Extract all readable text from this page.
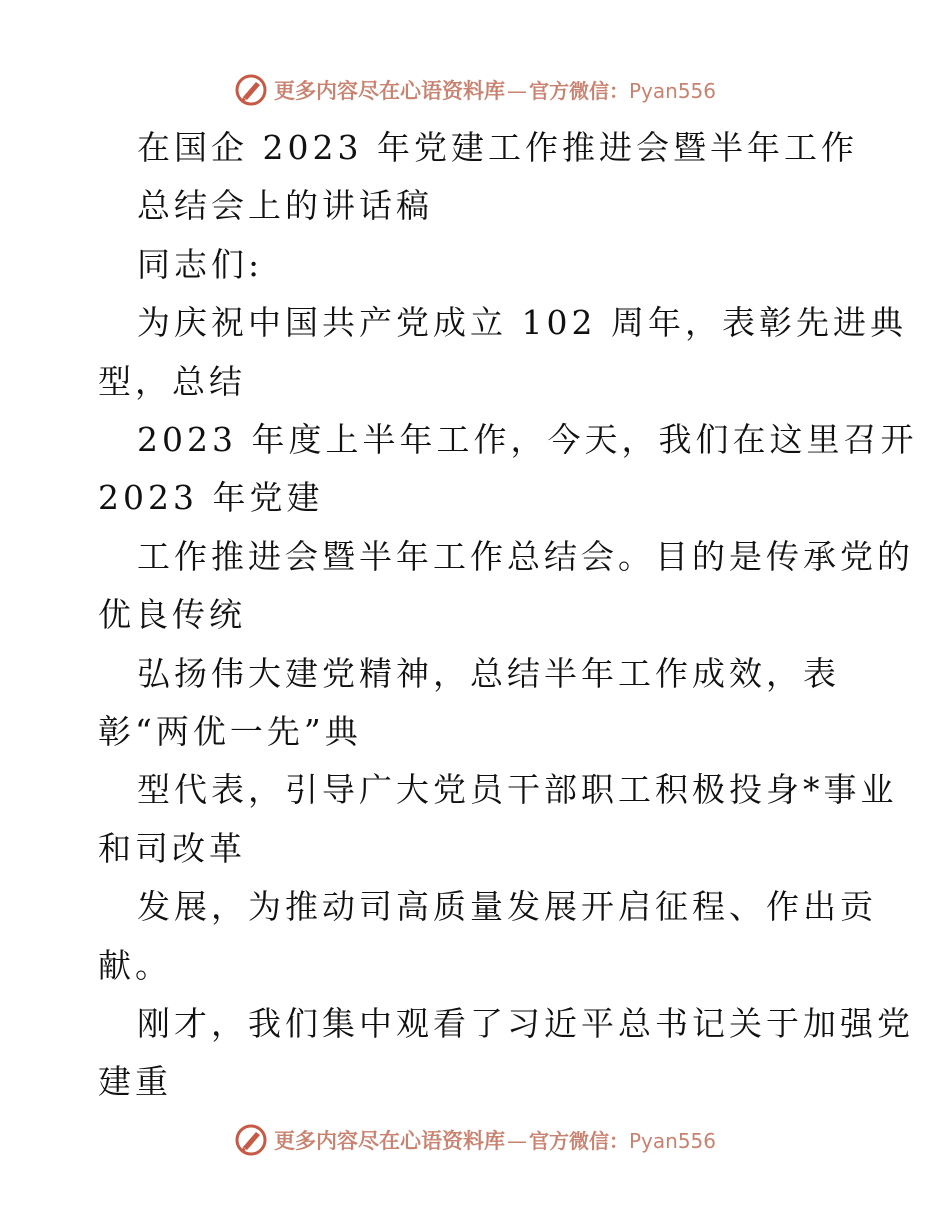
更多内容尽在心语资料库 — 官方微信： Pyan556
在国企 2023 年党建工作推进会暨半年工作
总结会上的讲话稿
同志们:
为庆祝中国共产党成立 102 周年，表彰先进典
型，总结
2023 年度上半年工作，今天，我们在这里召开
2023 年党建
工作推进会暨半年工作总结会。目的是传承党的
优良传统
弘扬伟大建党精神，总结半年工作成效，表
彰“两优一先”典
型代表，引导广大党员干部职工积极投身*事业
和司改革
发展，为推动司高质量发展开启征程、作出贡
献。
刚才，我们集中观看了习近平总书记关于加强党
建重
更多内容尽在心语资料库 — 官方微信： Pyan556
